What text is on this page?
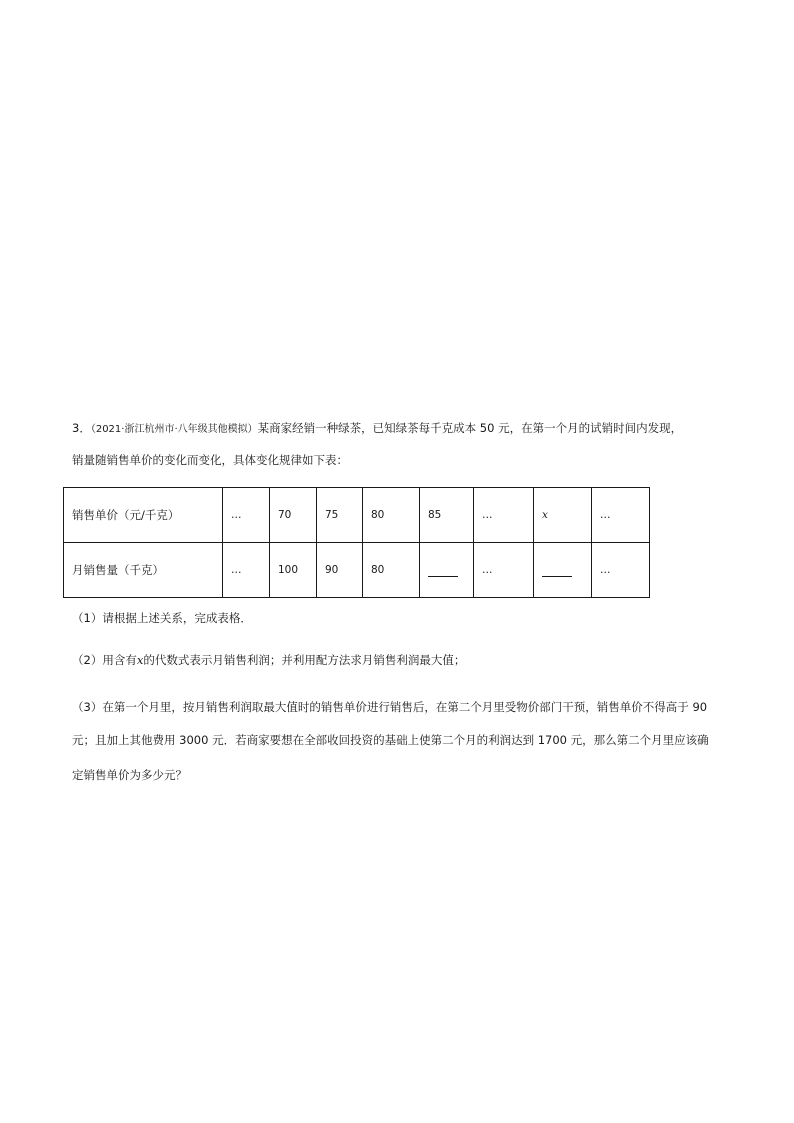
3．（2021·浙江杭州市·八年级其他模拟）某商家经销一种绿茶，已知绿茶每千克成本 50 元，在第一个月的试销时间内发现，
销量随销售单价的变化而变化，具体变化规律如下表：
销售单价（元/千克）	…	70	75	80	85	…	x	…
月销售量（千克）	…	100	90	80		…		…
（1）请根据上述关系，完成表格．
（2）用含有x的代数式表示月销售利润；并利用配方法求月销售利润最大值；
（3）在第一个月里，按月销售利润取最大值时的销售单价进行销售后，在第二个月里受物价部门干预，销售单价不得高于 90
元；且加上其他费用 3000 元．若商家要想在全部收回投资的基础上使第二个月的利润达到 1700 元，那么第二个月里应该确
定销售单价为多少元？
